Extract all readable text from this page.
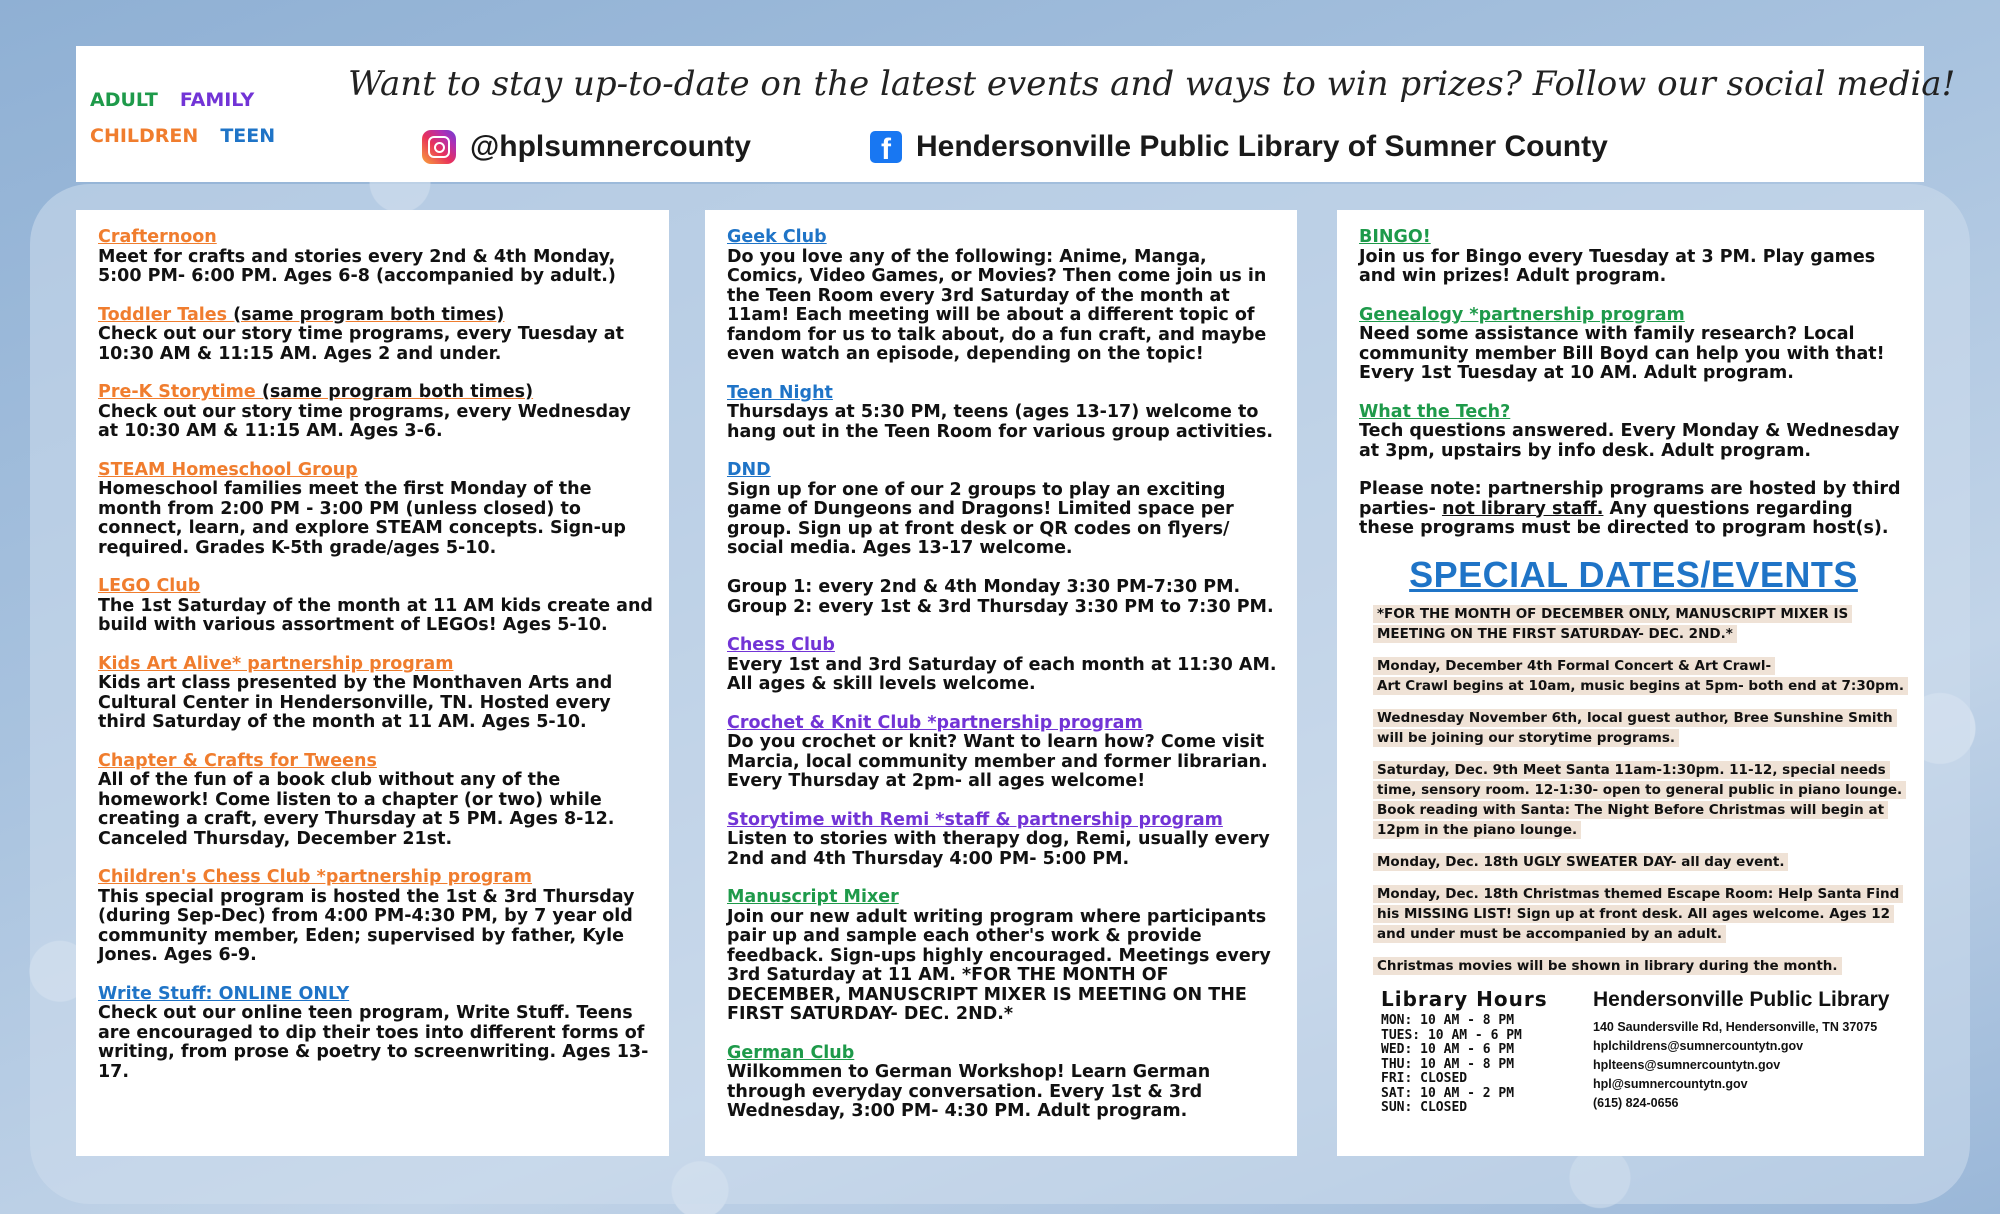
ADULT FAMILY
CHILDREN TEEN
Want to stay up-to-date on the latest events and ways to win prizes? Follow our social media!
@hplsumnercounty	f Hendersonville Public Library of Sumner County
Crafternoon
Meet for crafts and stories every 2nd & 4th Monday, 5:00 PM- 6:00 PM. Ages 6-8 (accompanied by adult.)
Toddler Tales (same program both times)
Check out our story time programs, every Tuesday at 10:30 AM & 11:15 AM. Ages 2 and under.
Pre-K Storytime (same program both times)
Check out our story time programs, every Wednesday at 10:30 AM & 11:15 AM. Ages 3-6.
STEAM Homeschool Group
Homeschool families meet the first Monday of the month from 2:00 PM - 3:00 PM (unless closed) to connect, learn, and explore STEAM concepts. Sign-up required. Grades K-5th grade/ages 5-10.
LEGO Club
The 1st Saturday of the month at 11 AM kids create and build with various assortment of LEGOs! Ages 5-10.
Kids Art Alive* partnership program
Kids art class presented by the Monthaven Arts and Cultural Center in Hendersonville, TN. Hosted every third Saturday of the month at 11 AM. Ages 5-10.
Chapter & Crafts for Tweens
All of the fun of a book club without any of the homework! Come listen to a chapter (or two) while creating a craft, every Thursday at 5 PM. Ages 8-12. Canceled Thursday, December 21st.
Children's Chess Club *partnership program
This special program is hosted the 1st & 3rd Thursday (during Sep-Dec) from 4:00 PM-4:30 PM, by 7 year old community member, Eden; supervised by father, Kyle Jones. Ages 6-9.
Write Stuff: ONLINE ONLY
Check out our online teen program, Write Stuff. Teens are encouraged to dip their toes into different forms of writing, from prose & poetry to screenwriting. Ages 13-17.
Geek Club
Do you love any of the following: Anime, Manga, Comics, Video Games, or Movies? Then come join us in the Teen Room every 3rd Saturday of the month at 11am! Each meeting will be about a different topic of fandom for us to talk about, do a fun craft, and maybe even watch an episode, depending on the topic!
Teen Night
Thursdays at 5:30 PM, teens (ages 13-17) welcome to hang out in the Teen Room for various group activities.
DND
Sign up for one of our 2 groups to play an exciting game of Dungeons and Dragons! Limited space per group. Sign up at front desk or QR codes on flyers/ social media. Ages 13-17 welcome.

Group 1: every 2nd & 4th Monday 3:30 PM-7:30 PM.
Group 2: every 1st & 3rd Thursday 3:30 PM to 7:30 PM.
Chess Club
Every 1st and 3rd Saturday of each month at 11:30 AM. All ages & skill levels welcome.
Crochet & Knit Club *partnership program
Do you crochet or knit? Want to learn how? Come visit Marcia, local community member and former librarian. Every Thursday at 2pm- all ages welcome!
Storytime with Remi *staff & partnership program
Listen to stories with therapy dog, Remi, usually every 2nd and 4th Thursday 4:00 PM- 5:00 PM.
Manuscript Mixer
Join our new adult writing program where participants pair up and sample each other's work & provide feedback. Sign-ups highly encouraged. Meetings every 3rd Saturday at 11 AM. *FOR THE MONTH OF DECEMBER, MANUSCRIPT MIXER IS MEETING ON THE FIRST SATURDAY- DEC. 2ND.*
German Club
Wilkommen to German Workshop! Learn German through everyday conversation. Every 1st & 3rd Wednesday, 3:00 PM- 4:30 PM. Adult program.
BINGO!
Join us for Bingo every Tuesday at 3 PM. Play games and win prizes! Adult program.
Genealogy *partnership program
Need some assistance with family research? Local community member Bill Boyd can help you with that! Every 1st Tuesday at 10 AM. Adult program.
What the Tech?
Tech questions answered. Every Monday & Wednesday at 3pm, upstairs by info desk. Adult program.
Please note: partnership programs are hosted by third parties- not library staff. Any questions regarding these programs must be directed to program host(s).
SPECIAL DATES/EVENTS
*FOR THE MONTH OF DECEMBER ONLY, MANUSCRIPT MIXER IS MEETING ON THE FIRST SATURDAY- DEC. 2ND.*
Monday, December 4th Formal Concert & Art Crawl-
Art Crawl begins at 10am, music begins at 5pm- both end at 7:30pm.
Wednesday November 6th, local guest author, Bree Sunshine Smith will be joining our storytime programs.
Saturday, Dec. 9th Meet Santa 11am-1:30pm. 11-12, special needs time, sensory room. 12-1:30- open to general public in piano lounge. Book reading with Santa: The Night Before Christmas will begin at 12pm in the piano lounge.
Monday, Dec. 18th UGLY SWEATER DAY- all day event.
Monday, Dec. 18th Christmas themed Escape Room: Help Santa Find his MISSING LIST! Sign up at front desk. All ages welcome. Ages 12 and under must be accompanied by an adult.
Christmas movies will be shown in library during the month.
Library Hours
MON: 10 AM - 8 PM
TUES: 10 AM - 6 PM
WED: 10 AM - 6 PM
THU: 10 AM - 8 PM
FRI: CLOSED
SAT: 10 AM - 2 PM
SUN: CLOSED
Hendersonville Public Library
140 Saundersville Rd, Hendersonville, TN 37075
hplchildrens@sumnercountytn.gov
hplteens@sumnercountytn.gov
hpl@sumnercountytn.gov
(615) 824-0656
